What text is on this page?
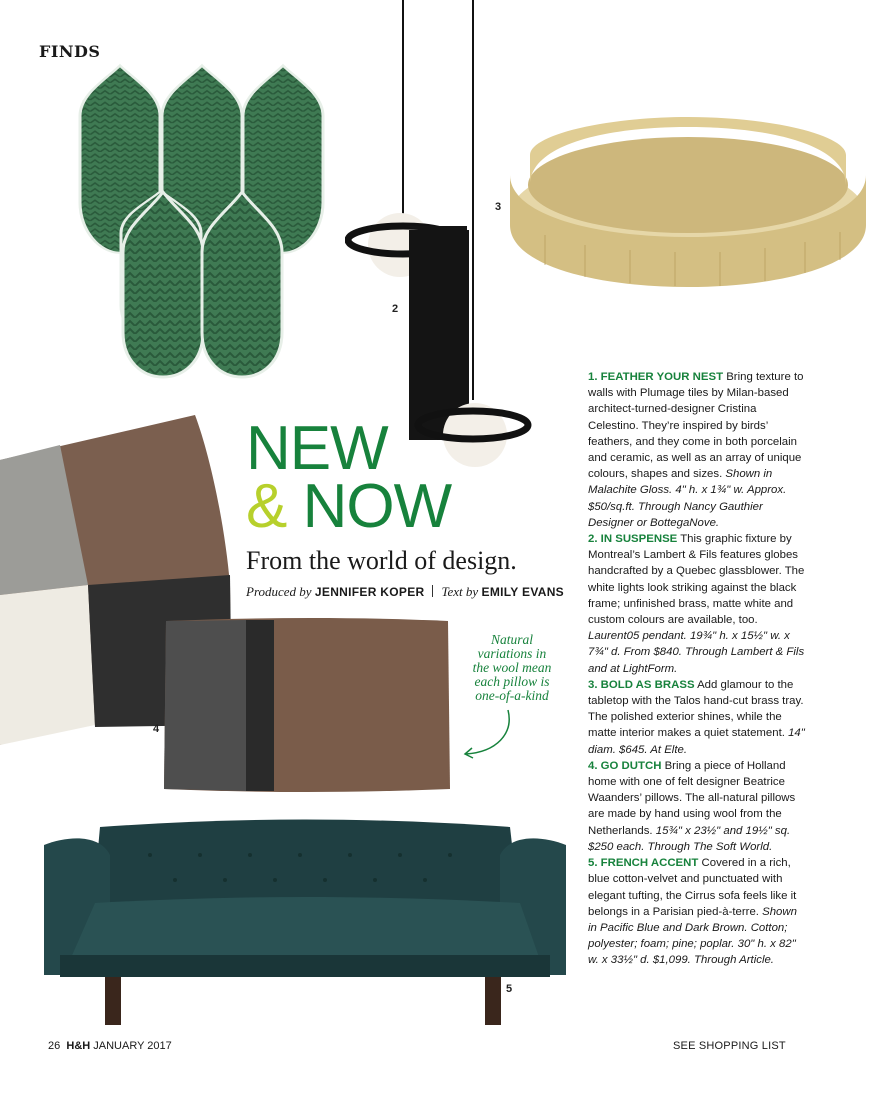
FINDS
2
3
4
Natural
variations in
the wool mean
each pillow is
one-of-a-kind
5
NEW
& NOW
From the world of design.
Produced by JENNIFER KOPER Text by EMILY EVANS

1. FEATHER YOUR NEST Bring texture to walls with Plumage tiles by Milan-based architect-turned-designer Cristina Celestino. They’re inspired by birds’ feathers, and they come in both porcelain and ceramic, as well as an array of unique colours, shapes and sizes. Shown in Malachite Gloss. 4" h. x 1¾" w. Approx. $50/sq.ft. Through Nancy Gauthier Designer or BottegaNove.

2. IN SUSPENSE This graphic fixture by Montreal’s Lambert & Fils features globes handcrafted by a Quebec glassblower. The white lights look striking against the black frame; unfinished brass, matte white and custom colours are available, too. Laurent05 pendant. 19¾" h. x 15½" w. x 7¾" d. From $840. Through Lambert & Fils and at LightForm.

3. BOLD AS BRASS Add glamour to the tabletop with the Talos hand-cut brass tray. The polished exterior shines, while the matte interior makes a quiet statement. 14" diam. $645. At Elte.

4. GO DUTCH Bring a piece of Holland home with one of felt designer Beatrice Waanders’ pillows. The all-natural pillows are made by hand using wool from the Netherlands. 15¾" x 23½" and 19½" sq. $250 each. Through The Soft World.

5. FRENCH ACCENT Covered in a rich, blue cotton-velvet and punctuated with elegant tufting, the Cirrus sofa feels like it belongs in a Parisian pied-à-terre. Shown in Pacific Blue and Dark Brown. Cotton; polyester; foam; pine; poplar. 30" h. x 82" w. x 33½" d. $1,099. Through Article.

26 H&H JANUARY 2017	SEE SHOPPING LIST
